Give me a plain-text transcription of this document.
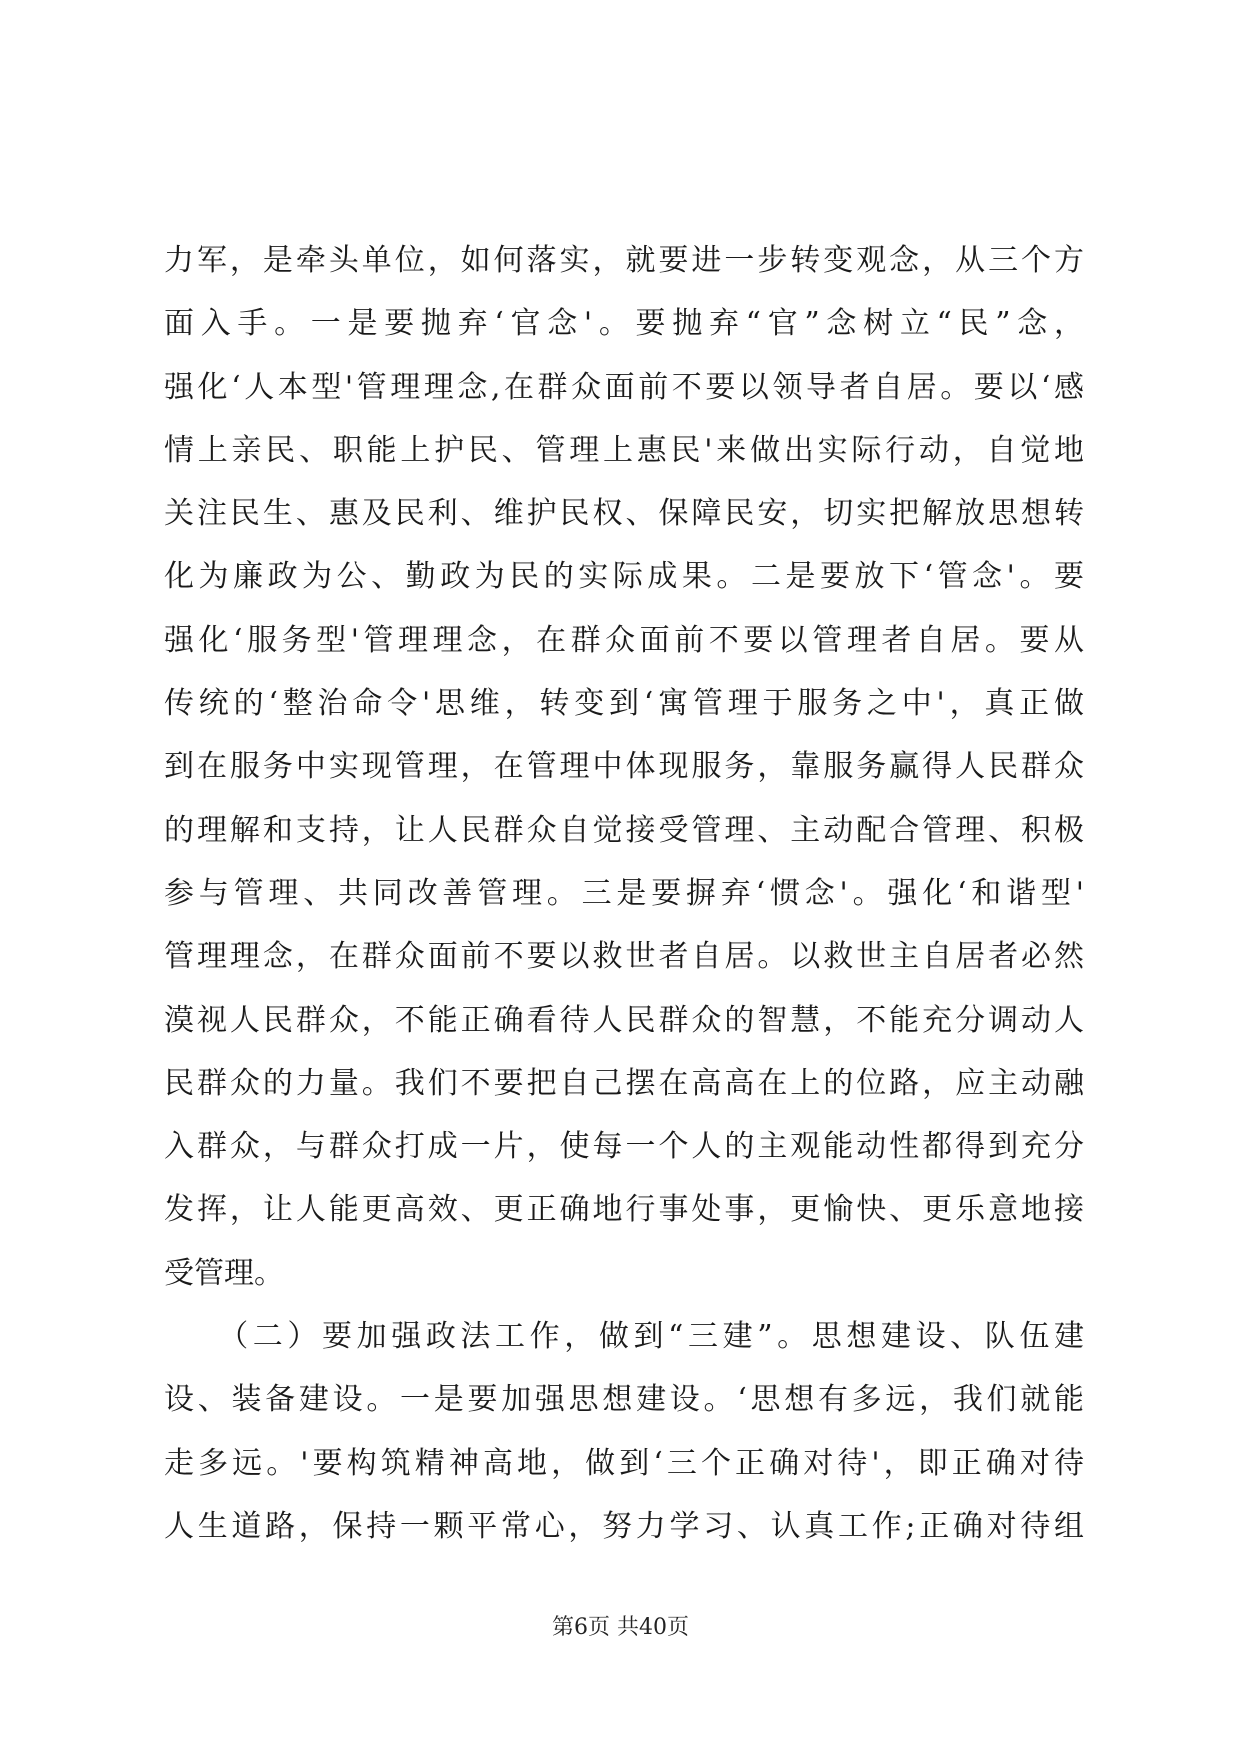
力军，是牵头单位，如何落实，就要进一步转变观念，从三个方
面入手。一是要抛弃‘官念'。要抛弃“官”念树立“民”念，
强化‘人本型'管理理念,在群众面前不要以领导者自居。要以‘感
情上亲民、职能上护民、管理上惠民'来做出实际行动，自觉地
关注民生、惠及民利、维护民权、保障民安，切实把解放思想转
化为廉政为公、勤政为民的实际成果。二是要放下‘管念'。要
强化‘服务型'管理理念，在群众面前不要以管理者自居。要从
传统的‘整治命令'思维，转变到‘寓管理于服务之中'，真正做
到在服务中实现管理，在管理中体现服务，靠服务赢得人民群众
的理解和支持，让人民群众自觉接受管理、主动配合管理、积极
参与管理、共同改善管理。三是要摒弃‘惯念'。强化‘和谐型'
管理理念，在群众面前不要以救世者自居。以救世主自居者必然
漠视人民群众，不能正确看待人民群众的智慧，不能充分调动人
民群众的力量。我们不要把自己摆在高高在上的位路，应主动融
入群众，与群众打成一片，使每一个人的主观能动性都得到充分
发挥，让人能更高效、更正确地行事处事，更愉快、更乐意地接
受管理。
　　（二）要加强政法工作，做到“三建”。思想建设、队伍建
设、装备建设。一是要加强思想建设。‘思想有多远，我们就能
走多远。'要构筑精神高地，做到‘三个正确对待'，即正确对待
人生道路，保持一颗平常心，努力学习、认真工作;正确对待组
第6页 共40页
